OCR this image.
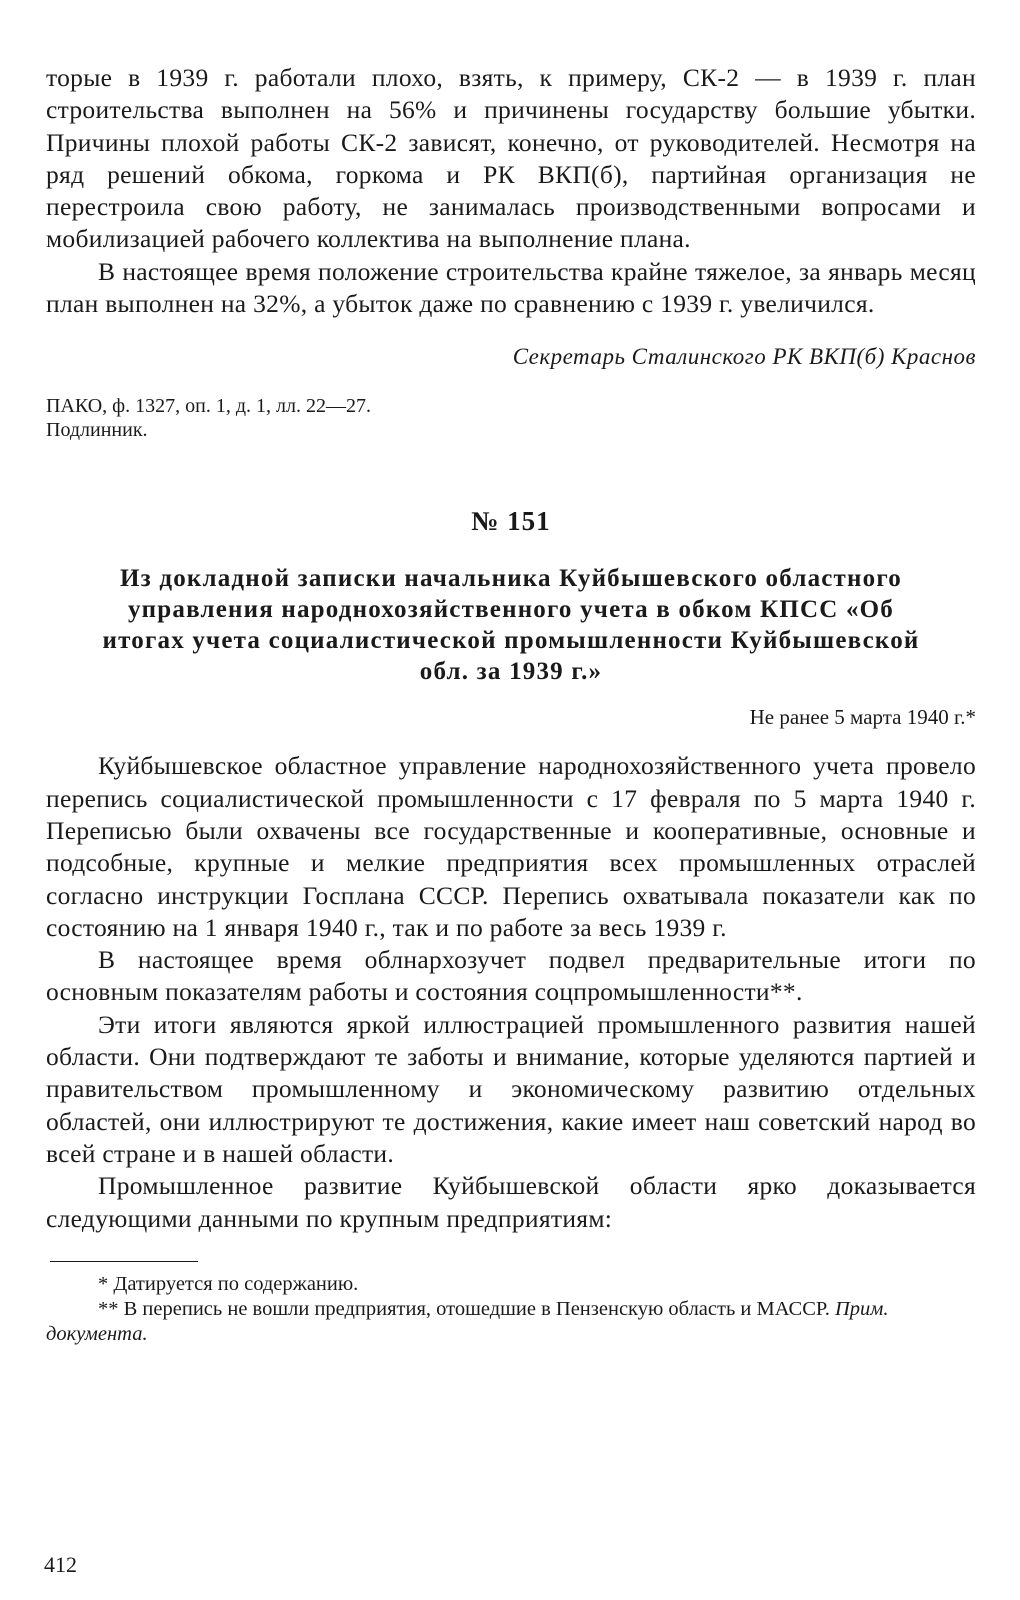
торые в 1939 г. работали плохо, взять, к примеру, СК-2 — в 1939 г. план строительства выполнен на 56% и причинены государству большие убытки. Причины плохой работы СК-2 зависят, конечно, от руководителей. Несмотря на ряд решений обкома, горкома и РК ВКП(б), партийная организация не перестроила свою работу, не занималась производственными вопросами и мобилизацией рабочего коллектива на выполнение плана.

В настоящее время положение строительства крайне тяжелое, за январь месяц план выполнен на 32%, а убыток даже по сравнению с 1939 г. увеличился.

Секретарь Сталинского РК ВКП(б) Краснов

ПАКО, ф. 1327, оп. 1, д. 1, лл. 22—27.
Подлинник.
№ 151
Из докладной записки начальника Куйбышевского областного управления народнохозяйственного учета в обком КПСС «Об итогах учета социалистической промышленности Куйбышевской обл. за 1939 г.»
Не ранее 5 марта 1940 г.*

Куйбышевское областное управление народнохозяйственного учета провело перепись социалистической промышленности с 17 февраля по 5 марта 1940 г. Переписью были охвачены все государственные и кооперативные, основные и подсобные, крупные и мелкие предприятия всех промышленных отраслей согласно инструкции Госплана СССР. Перепись охватывала показатели как по состоянию на 1 января 1940 г., так и по работе за весь 1939 г.

В настоящее время облнархозучет подвел предварительные итоги по основным показателям работы и состояния соцпромышленности**.

Эти итоги являются яркой иллюстрацией промышленного развития нашей области. Они подтверждают те заботы и внимание, которые уделяются партией и правительством промышленному и экономическому развитию отдельных областей, они иллюстрируют те достижения, какие имеет наш советский народ во всей стране и в нашей области.

Промышленное развитие Куйбышевской области ярко доказывается следующими данными по крупным предприятиям:

* Датируется по содержанию.

** В перепись не вошли предприятия, отошедшие в Пензенскую область и МАССР. Прим. документа.

412
